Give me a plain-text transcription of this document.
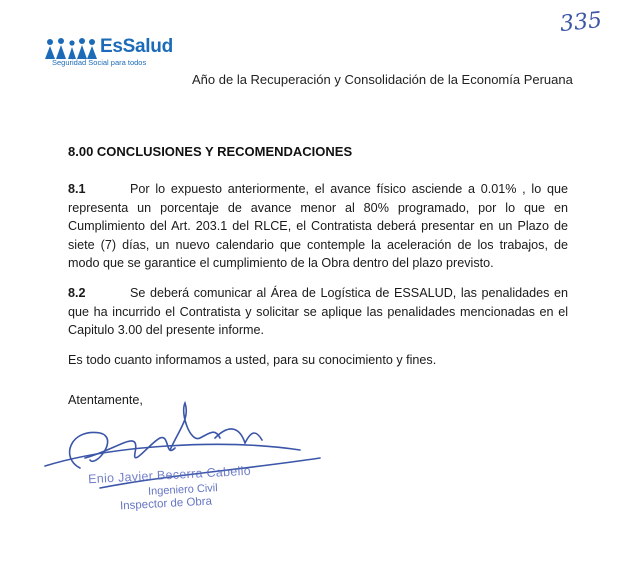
EsSalud
Seguridad Social para todos
335
Año de la Recuperación y Consolidación de la Economía Peruana
8.00 CONCLUSIONES Y RECOMENDACIONES
8.1	Por lo expuesto anteriormente, el avance físico asciende a 0.01% , lo que representa un porcentaje de avance menor al 80% programado, por lo que en Cumplimiento del Art. 203.1 del RLCE, el Contratista deberá presentar en un Plazo de siete (7) días, un nuevo calendario que contemple la aceleración de los trabajos, de modo que se garantice el cumplimiento de la Obra dentro del plazo previsto.
8.2	Se deberá comunicar al Área de Logística de ESSALUD, las penalidades en que ha incurrido el Contratista y solicitar se aplique las penalidades mencionadas en el Capitulo 3.00 del presente informe.
Es todo cuanto informamos a usted, para su conocimiento y fines.
Atentamente,
Enio Javier Becerra Cabello
Ingeniero Civil
Inspector de Obra
